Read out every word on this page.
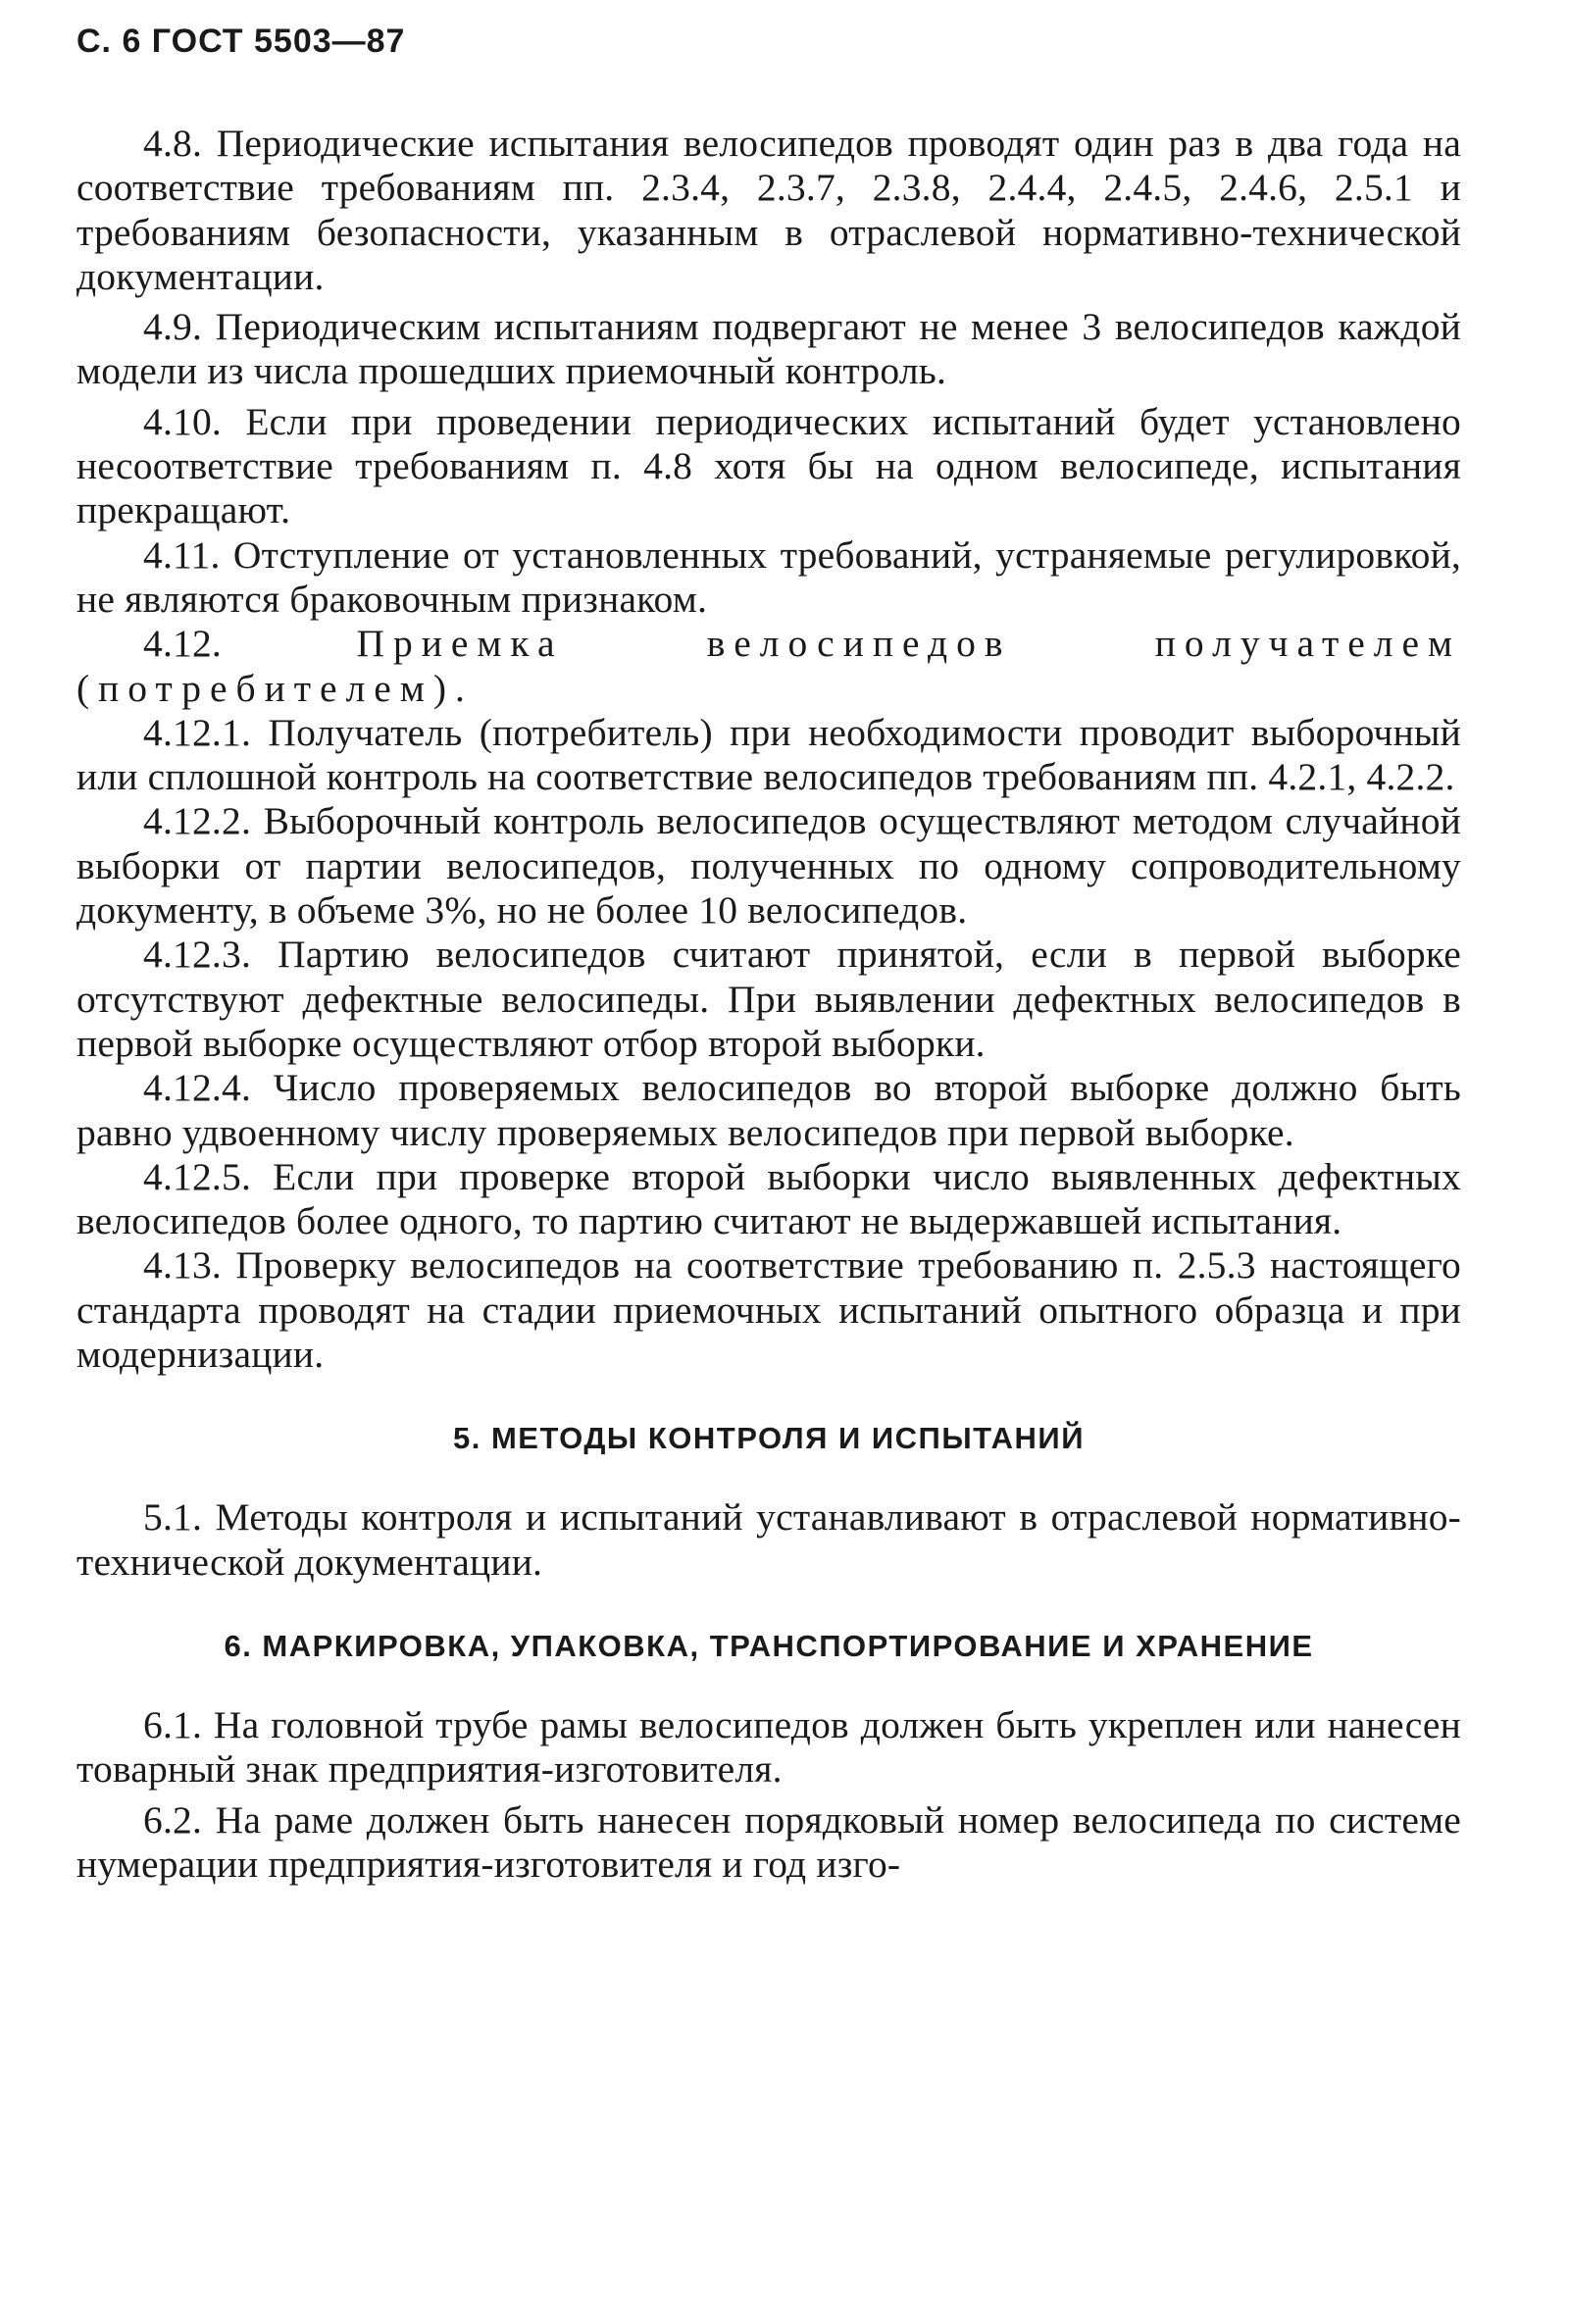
С. 6 ГОСТ 5503—87

4.8. Периодические испытания велосипедов проводят один раз в два года на соответствие требованиям пп. 2.3.4, 2.3.7, 2.3.8, 2.4.4, 2.4.5, 2.4.6, 2.5.1 и требованиям безопасности, указанным в отраслевой нормативно-технической документации.

4.9. Периодическим испытаниям подвергают не менее 3 велосипедов каждой модели из числа прошедших приемочный контроль.

4.10. Если при проведении периодических испытаний будет установлено несоответствие требованиям п. 4.8 хотя бы на одном велосипеде, испытания прекращают.

4.11. Отступление от установленных требований, устраняемые регулировкой, не являются браковочным признаком.

4.12.	Приемка велосипедов получателем (потребителем).

4.12.1. Получатель (потребитель) при необходимости проводит выборочный или сплошной контроль на соответствие велосипедов требованиям пп. 4.2.1, 4.2.2.

4.12.2. Выборочный контроль велосипедов осуществляют методом случайной выборки от партии велосипедов, полученных по одному сопроводительному документу, в объеме 3%, но не более 10 велосипедов.

4.12.3. Партию велосипедов считают принятой, если в первой выборке отсутствуют дефектные велосипеды. При выявлении дефектных велосипедов в первой выборке осуществляют отбор второй выборки.

4.12.4. Число проверяемых велосипедов во второй выборке должно быть равно удвоенному числу проверяемых велосипедов при первой выборке.

4.12.5. Если при проверке второй выборки число выявленных дефектных велосипедов более одного, то партию считают не выдержавшей испытания.

4.13. Проверку велосипедов на соответствие требованию п. 2.5.3 настоящего стандарта проводят на стадии приемочных испытаний опытного образца и при модернизации.

5. МЕТОДЫ КОНТРОЛЯ И ИСПЫТАНИЙ

5.1. Методы контроля и испытаний устанавливают в отраслевой нормативно-технической документации.

6. МАРКИРОВКА, УПАКОВКА, ТРАНСПОРТИРОВАНИЕ И ХРАНЕНИЕ

6.1. На головной трубе рамы велосипедов должен быть укреплен или нанесен товарный знак предприятия-изготовителя.

6.2. На раме должен быть нанесен порядковый номер велосипеда по системе нумерации предприятия-изготовителя и год изго-
